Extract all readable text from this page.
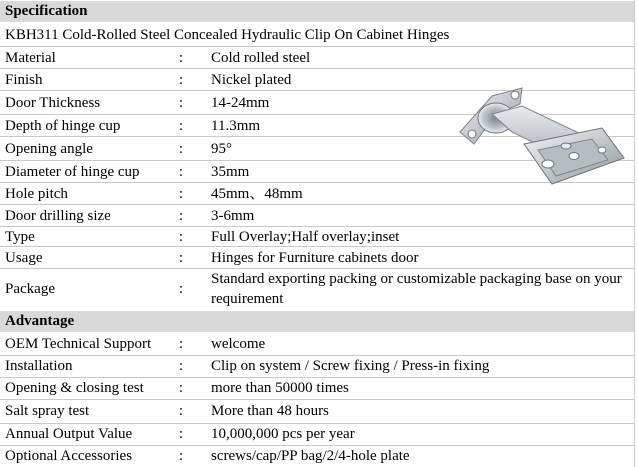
Specification
KBH311 Cold-Rolled Steel Concealed Hydraulic Clip On Cabinet Hinges
Material	: Cold rolled steel
Finish	: Nickel plated
Door Thickness	: 14-24mm
Depth of hinge cup	: 11.3mm
Opening angle	: 95°
Diameter of hinge cup	: 35mm
Hole pitch	: 45mm、48mm
Door drilling size	: 3-6mm
Type	: Full Overlay;Half overlay;inset
Usage	: Hinges for Furniture cabinets door
Package	:
Standard exporting packing or customizable packaging base on your requirement
Advantage
OEM Technical Support : welcome
Installation	: Clip on system / Screw fixing / Press-in fixing
Opening & closing test : more than 50000 times
Salt spray test	: More than 48 hours
Annual Output Value	: 10,000,000 pcs per year
Optional Accessories	: screws/cap/PP bag/2/4-hole plate
